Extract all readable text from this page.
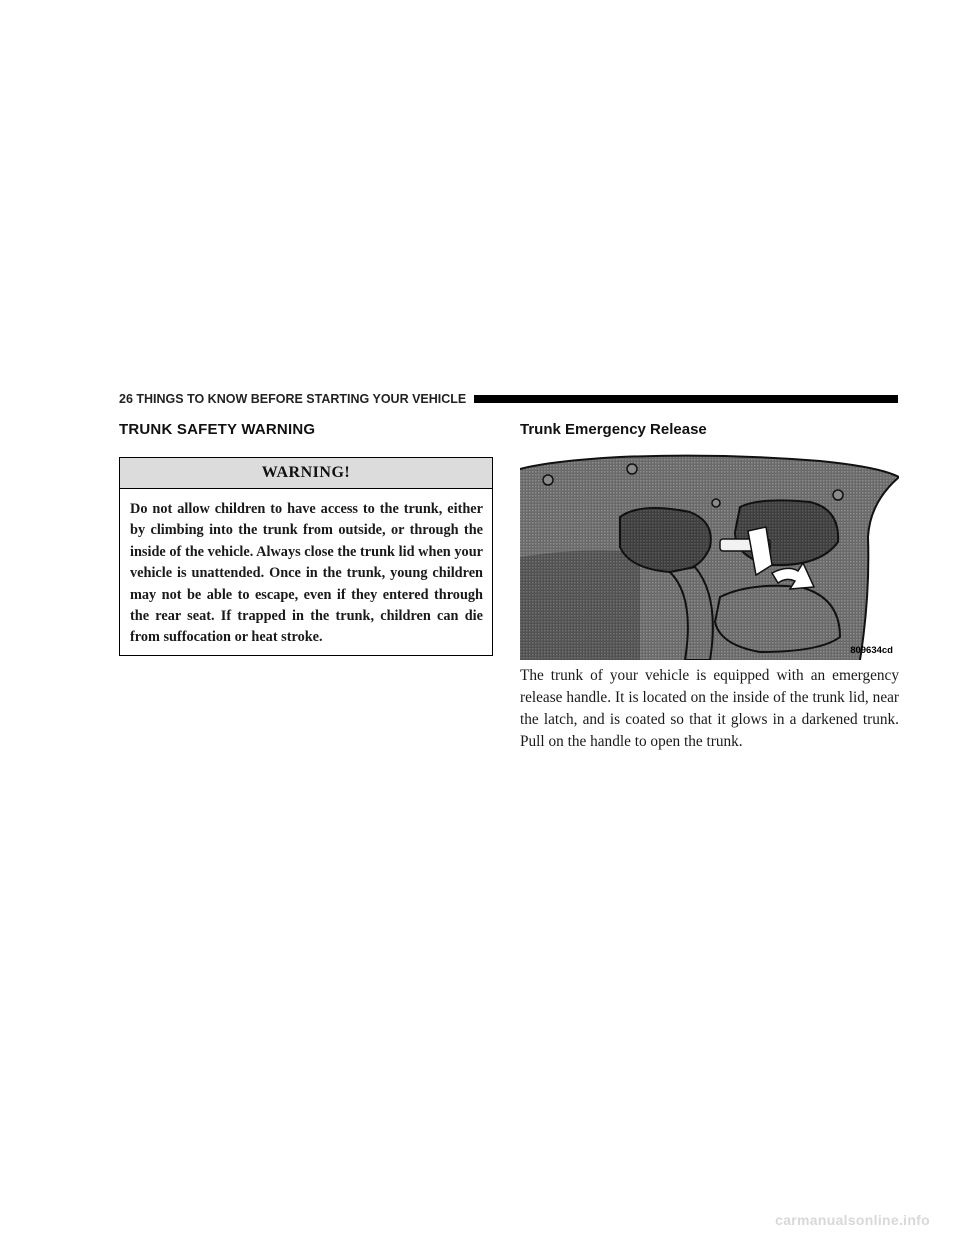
26 THINGS TO KNOW BEFORE STARTING YOUR VEHICLE
TRUNK SAFETY WARNING	Trunk Emergency Release
WARNING!
Do not allow children to have access to the trunk, either by climbing into the trunk from outside, or through the inside of the vehicle. Always close the trunk lid when your vehicle is unattended. Once in the trunk, young children may not be able to escape, even if they entered through the rear seat. If trapped in the trunk, children can die from suffocation or heat stroke.
809634cd
The trunk of your vehicle is equipped with an emergency release handle. It is located on the inside of the trunk lid, near the latch, and is coated so that it glows in a darkened trunk. Pull on the handle to open the trunk.
carmanualsonline.info
